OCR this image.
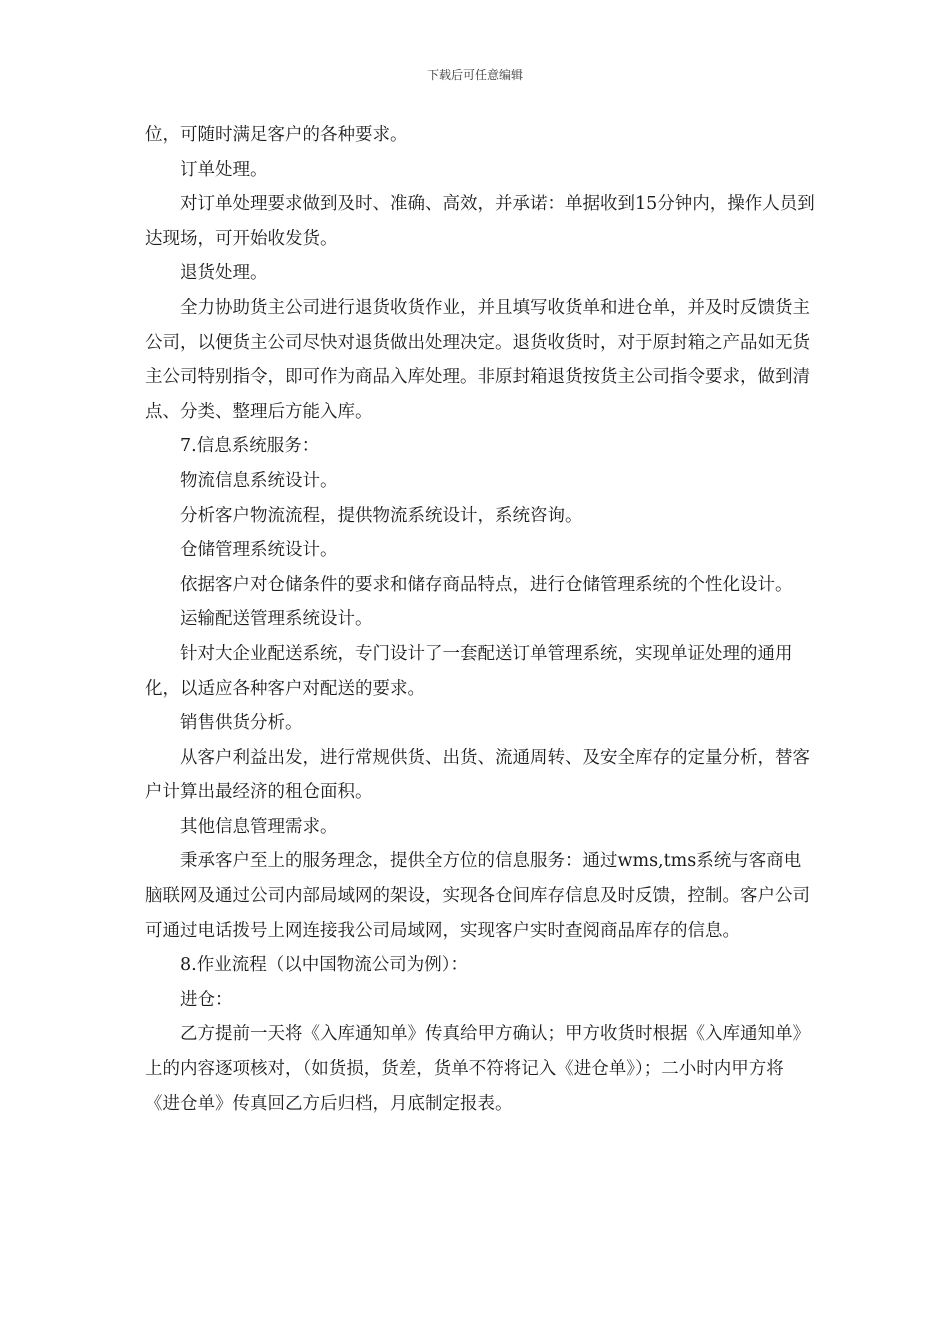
下载后可任意编辑

位，可随时满足客户的各种要求。

订单处理。

对订单处理要求做到及时、准确、高效，并承诺：单据收到15分钟内，操作人员到达现场，可开始收发货。

退货处理。

全力协助货主公司进行退货收货作业，并且填写收货单和进仓单，并及时反馈货主公司，以便货主公司尽快对退货做出处理决定。退货收货时，对于原封箱之产品如无货主公司特别指令，即可作为商品入库处理。非原封箱退货按货主公司指令要求，做到清点、分类、整理后方能入库。

7.信息系统服务：

物流信息系统设计。

分析客户物流流程，提供物流系统设计，系统咨询。

仓储管理系统设计。

依据客户对仓储条件的要求和储存商品特点，进行仓储管理系统的个性化设计。

运输配送管理系统设计。

针对大企业配送系统，专门设计了一套配送订单管理系统，实现单证处理的通用化，以适应各种客户对配送的要求。

销售供货分析。

从客户利益出发，进行常规供货、出货、流通周转、及安全库存的定量分析，替客户计算出最经济的租仓面积。

其他信息管理需求。

秉承客户至上的服务理念，提供全方位的信息服务：通过wms,tms系统与客商电脑联网及通过公司内部局域网的架设，实现各仓间库存信息及时反馈，控制。客户公司可通过电话拨号上网连接我公司局域网，实现客户实时查阅商品库存的信息。

8.作业流程（以中国物流公司为例）：

进仓：

乙方提前一天将《入库通知单》传真给甲方确认；甲方收货时根据《入库通知单》上的内容逐项核对，（如货损，货差，货单不符将记入《进仓单》）；二小时内甲方将《进仓单》传真回乙方后归档，月底制定报表。
